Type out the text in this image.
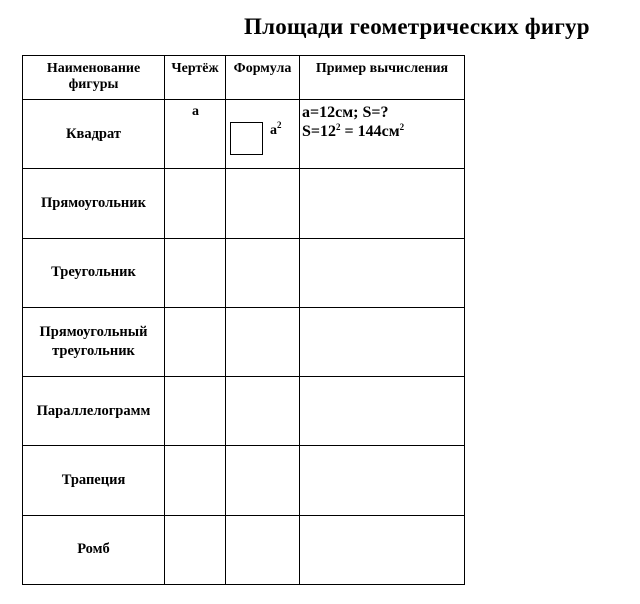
Площади геометрических фигур
Наименование фигуры	Чертёж	Формула	Пример вычисления
Квадрат	a	$a^2$	a=12см; S=?
$S=12^2 = 144см^2$

Прямоугольник			
Треугольник			
Прямоугольный треугольник			
Параллелограмм			
Трапеция			
Ромб			
